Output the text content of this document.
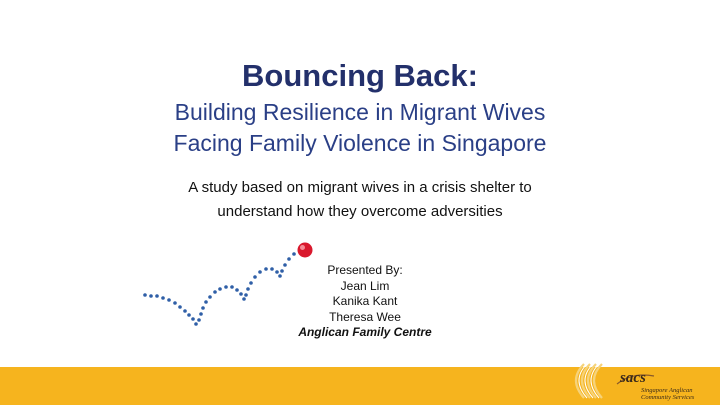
Bouncing Back:
Building Resilience in Migrant Wives
Facing Family Violence in Singapore
A study based on migrant wives in a crisis shelter to
understand how they overcome adversities
Presented By:
Jean Lim
Kanika Kant
Theresa Wee
Anglican Family Centre
sacs
Singapore Anglican
Community Services
